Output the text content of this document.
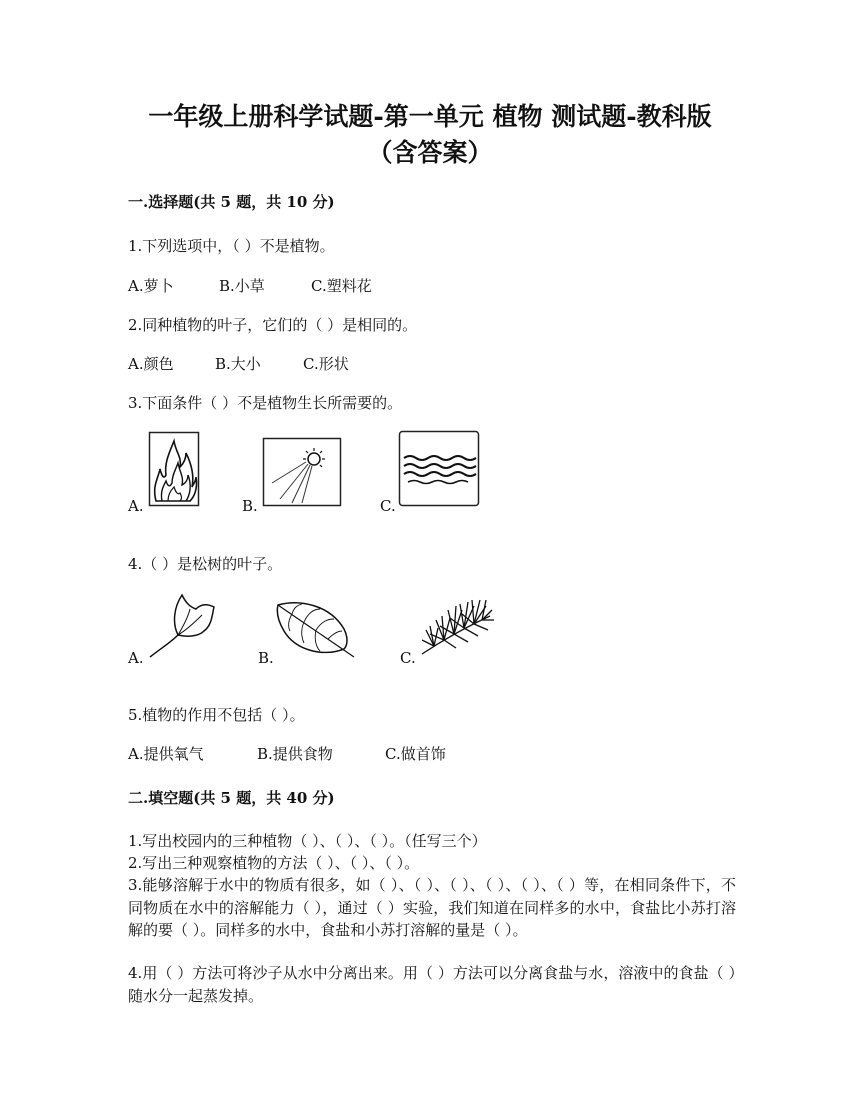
一年级上册科学试题-第一单元 植物 测试题-教科版
（含答案）
一.选择题(共 5 题，共 10 分)
1.下列选项中，（ ）不是植物。
A.萝卜	B.小草	C.塑料花
2.同种植物的叶子，它们的（ ）是相同的。
A.颜色	B.大小	C.形状
3.下面条件（ ）不是植物生长所需要的。
A.	B.	C.
4.（ ）是松树的叶子。
A.	B.	C.
5.植物的作用不包括（ ）。
A.提供氧气	B.提供食物	C.做首饰
二.填空题(共 5 题，共 40 分)
1.写出校园内的三种植物（ ）、（ ）、（ ）。（任写三个）
2.写出三种观察植物的方法（ ）、（ ）、（ ）。
3.能够溶解于水中的物质有很多，如（ ）、（ ）、（ ）、（ ）、（ ）、（ ）等，在相同条件下，不同物质在水中的溶解能力（ ），通过（ ）实验，我们知道在同样多的水中，食盐比小苏打溶解的要（ ）。同样多的水中，食盐和小苏打溶解的量是（ ）。
4.用（ ）方法可将沙子从水中分离出来。用（ ）方法可以分离食盐与水，溶液中的食盐（ ）随水分一起蒸发掉。
